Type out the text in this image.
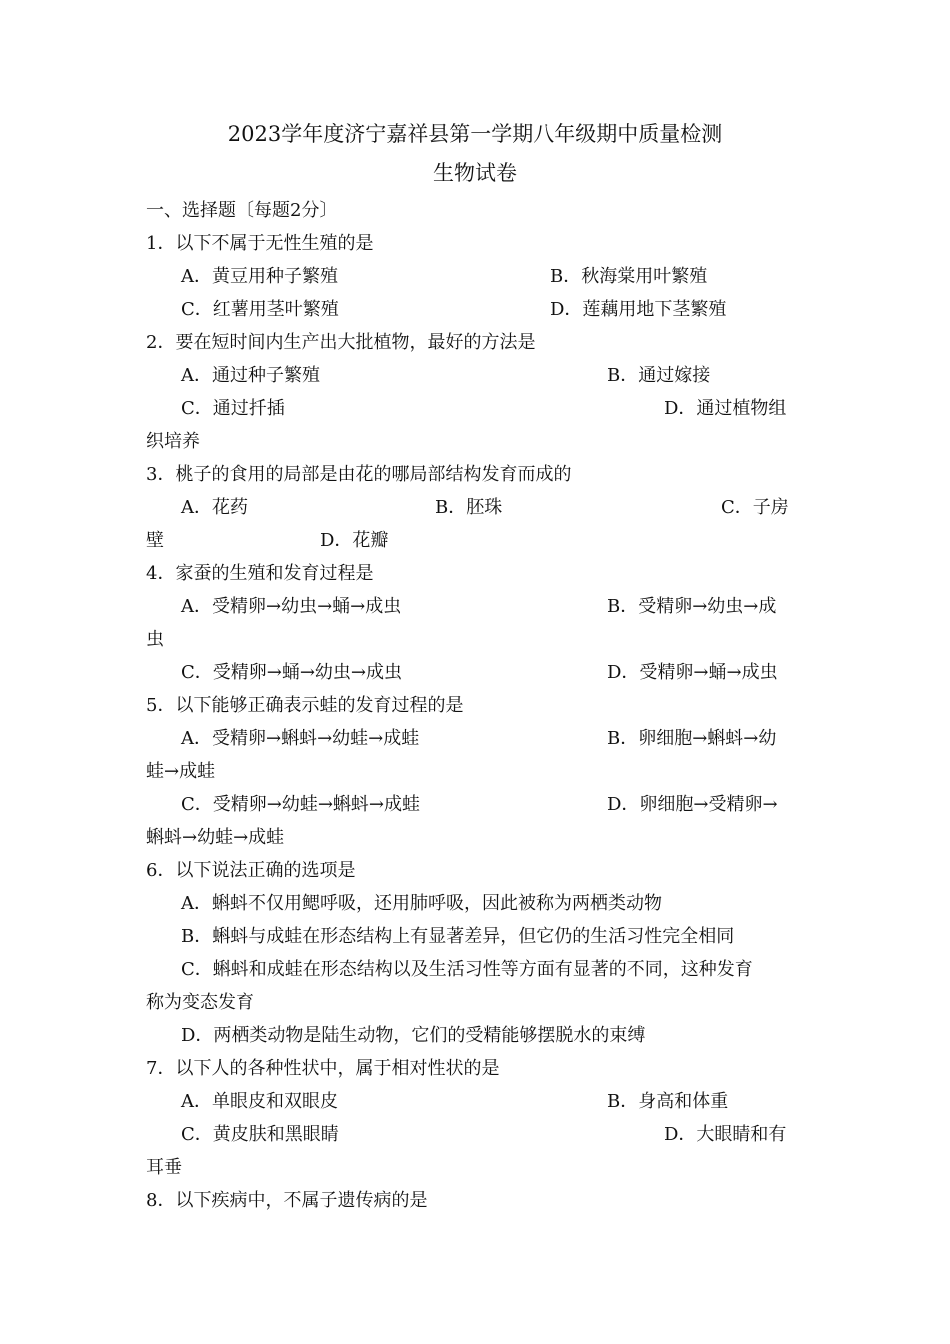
2023学年度济宁嘉祥县第一学期八年级期中质量检测
生物试卷
一、选择题〔每题2分〕
1．以下不属于无性生殖的是
A．黄豆用种子繁殖	B．秋海棠用叶繁殖
C．红薯用茎叶繁殖	D．莲藕用地下茎繁殖
2．要在短时间内生产出大批植物，最好的方法是
A．通过种子繁殖	B．通过嫁接
C．通过扦插	D．通过植物组
织培养
3．桃子的食用的局部是由花的哪局部结构发育而成的
A．花药	B．胚珠	C．子房
壁	D．花瓣
4．家蚕的生殖和发育过程是
A．受精卵→幼虫→蛹→成虫	B．受精卵→幼虫→成
虫
C．受精卵→蛹→幼虫→成虫	D．受精卵→蛹→成虫
5．以下能够正确表示蛙的发育过程的是
A．受精卵→蝌蚪→幼蛙→成蛙	B．卵细胞→蝌蚪→幼
蛙→成蛙
C．受精卵→幼蛙→蝌蚪→成蛙	D．卵细胞→受精卵→
蝌蚪→幼蛙→成蛙
6．以下说法正确的选项是
A．蝌蚪不仅用鳃呼吸，还用肺呼吸，因此被称为两栖类动物
B．蝌蚪与成蛙在形态结构上有显著差异，但它仍的生活习性完全相同
C．蝌蚪和成蛙在形态结构以及生活习性等方面有显著的不同，这种发育
称为变态发育
D．两栖类动物是陆生动物，它们的受精能够摆脱水的束缚
7．以下人的各种性状中，属于相对性状的是
A．单眼皮和双眼皮	B．身高和体重
C．黄皮肤和黑眼睛	D．大眼睛和有
耳垂
8．以下疾病中，不属子遗传病的是
